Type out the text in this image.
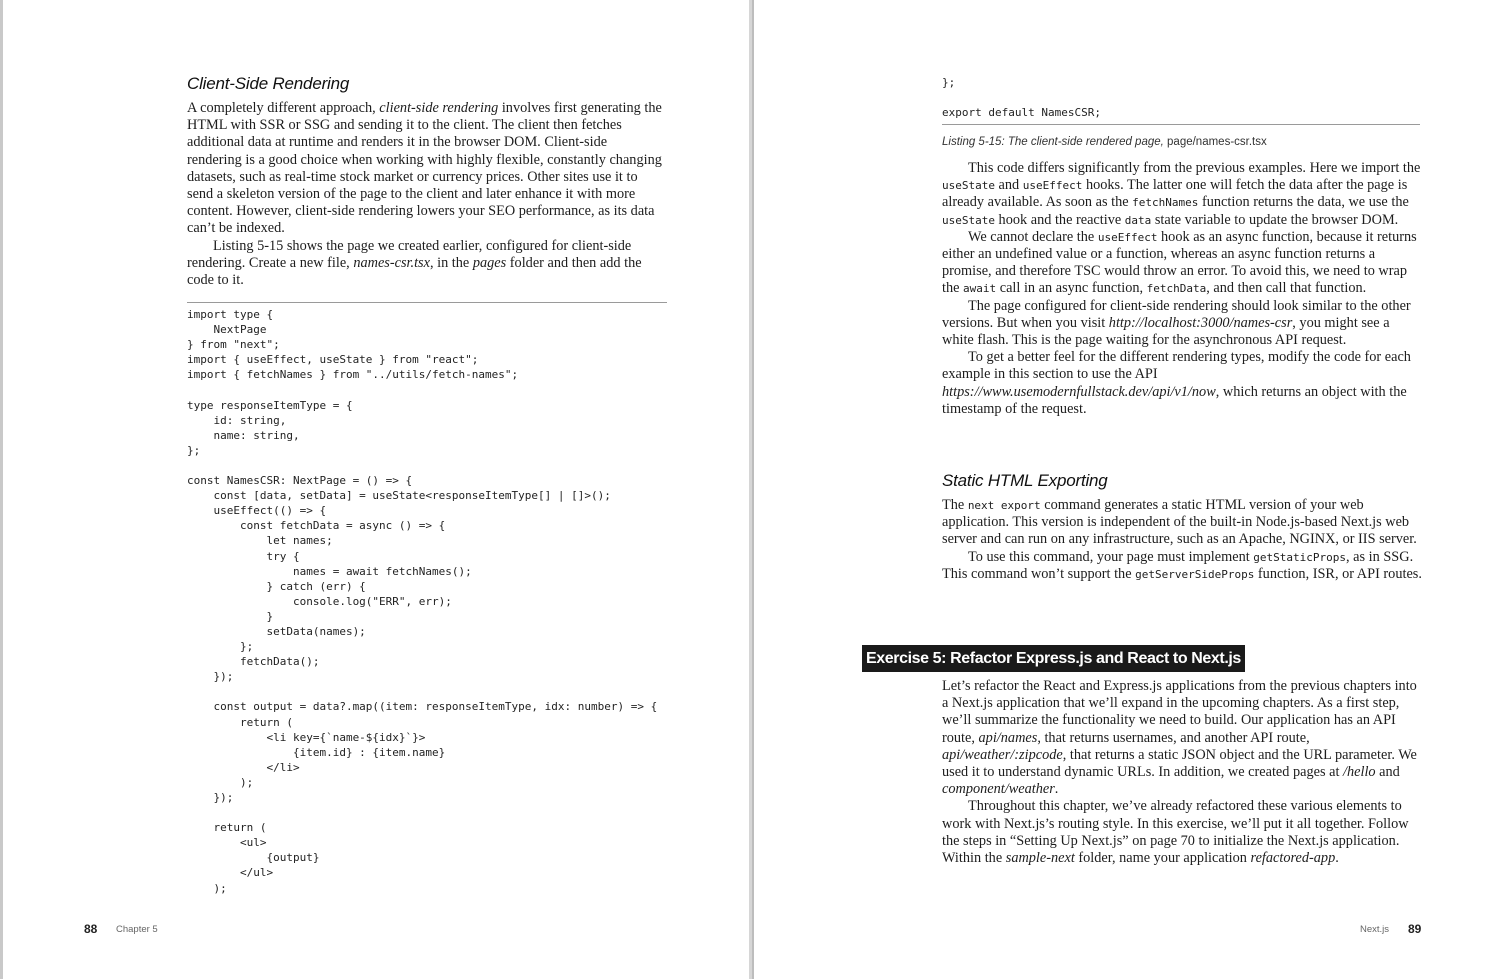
Client-Side Rendering

A completely different approach, client-side rendering involves first generating the HTML with SSR or SSG and sending it to the client. The client then fetches additional data at runtime and renders it in the browser DOM. Client-side rendering is a good choice when working with highly flexible, constantly changing datasets, such as real-time stock market or currency prices. Other sites use it to send a skeleton version of the page to the client and later enhance it with more content. However, client-side rendering lowers your SEO performance, as its data can’t be indexed.

Listing 5-15 shows the page we created earlier, configured for client-side rendering. Create a new file, names-csr.tsx, in the pages folder and then add the code to it.

import type {
NextPage
} from "next";
import { useEffect, useState } from "react";
import { fetchNames } from "../utils/fetch-names";

type responseItemType = {
id: string,
name: string,
};

const NamesCSR: NextPage = () => {
const [data, setData] = useState<responseItemType[] | []>();
useEffect(() => {
const fetchData = async () => {
let names;
try {
names = await fetchNames();
} catch (err) {
console.log("ERR", err);
}
setData(names);
};
fetchData();
});

const output = data?.map((item: responseItemType, idx: number) => {
return (
<li key={`name-${idx}`}>
{item.id} : {item.name}
</li>
);
});

return (
<ul>
{output}
</ul>
);
88 Chapter 5
};

export default NamesCSR;

Listing 5-15: The client-side rendered page, page/names-csr.tsx

This code differs significantly from the previous examples. Here we import the useState and useEffect hooks. The latter one will fetch the data after the page is already available. As soon as the fetchNames function returns the data, we use the useState hook and the reactive data state variable to update the browser DOM.

We cannot declare the useEffect hook as an async function, because it returns either an undefined value or a function, whereas an async function returns a promise, and therefore TSC would throw an error. To avoid this, we need to wrap the await call in an async function, fetchData, and then call that function.

The page configured for client-side rendering should look similar to the other versions. But when you visit http://localhost:3000/names-csr, you might see a white flash. This is the page waiting for the asynchronous API request.

To get a better feel for the different rendering types, modify the code for each example in this section to use the API https://www.usemodernfullstack.dev/api/v1/now, which returns an object with the timestamp of the request.

Static HTML Exporting

The next export command generates a static HTML version of your web application. This version is independent of the built-in Node.js-based Next.js web server and can run on any infrastructure, such as an Apache, NGINX, or IIS server.

To use this command, your page must implement getStaticProps, as in SSG. This command won’t support the getServerSideProps function, ISR, or API routes.

Exercise 5: Refactor Express.js and React to Next.js

Let’s refactor the React and Express.js applications from the previous chapters into a Next.js application that we’ll expand in the upcoming chapters. As a first step, we’ll summarize the functionality we need to build. Our application has an API route, api/names, that returns usernames, and another API route, api/weather/:zipcode, that returns a static JSON object and the URL parameter. We used it to understand dynamic URLs. In addition, we created pages at /hello and component/weather.

Throughout this chapter, we’ve already refactored these various elements to work with Next.js’s routing style. In this exercise, we’ll put it all together. Follow the steps in “Setting Up Next.js” on page 70 to initialize the Next.js application. Within the sample-next folder, name your application refactored-app.

Next.js 89
